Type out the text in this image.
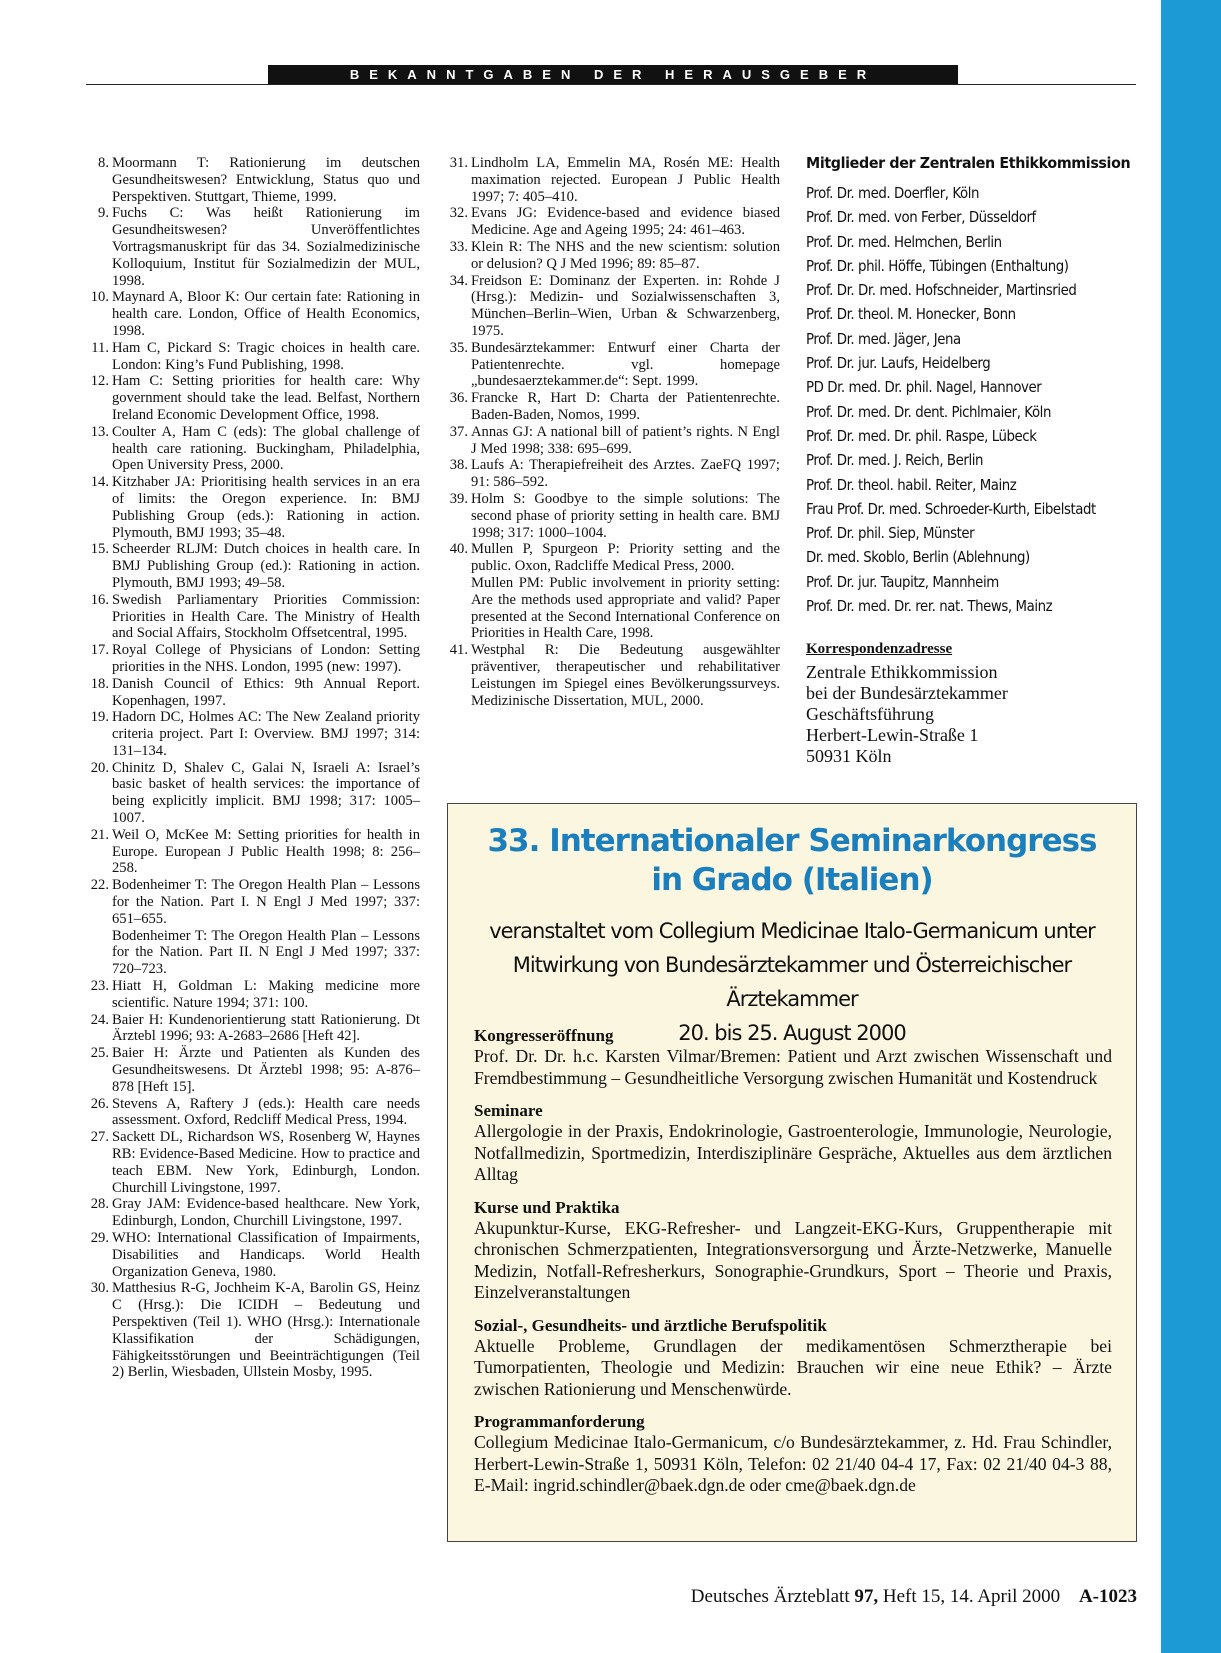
BEKANNTGABEN DER HERAUSGEBER
8. Moormann T: Rationierung im deutschen Gesundheitswesen? Entwicklung, Status quo und Perspektiven. Stuttgart, Thieme, 1999.
9. Fuchs C: Was heißt Rationierung im Gesundheitswesen? Unveröffentlichtes Vortragsmanuskript für das 34. Sozialmedizinische Kolloquium, Institut für Sozialmedizin der MUL, 1998.
10. Maynard A, Bloor K: Our certain fate: Rationing in health care. London, Office of Health Economics, 1998.
11. Ham C, Pickard S: Tragic choices in health care. London: King’s Fund Publishing, 1998.
12. Ham C: Setting priorities for health care: Why government should take the lead. Belfast, Northern Ireland Economic Development Office, 1998.
13. Coulter A, Ham C (eds): The global challenge of health care rationing. Buckingham, Philadelphia, Open University Press, 2000.
14. Kitzhaber JA: Prioritising health services in an era of limits: the Oregon experience. In: BMJ Publishing Group (eds.): Rationing in action. Plymouth, BMJ 1993; 35–48.
15. Scheerder RLJM: Dutch choices in health care. In BMJ Publishing Group (ed.): Rationing in action. Plymouth, BMJ 1993; 49–58.
16. Swedish Parliamentary Priorities Commission: Priorities in Health Care. The Ministry of Health and Social Affairs, Stockholm Offsetcentral, 1995.
17. Royal College of Physicians of London: Setting priorities in the NHS. London, 1995 (new: 1997).
18. Danish Council of Ethics: 9th Annual Report. Kopenhagen, 1997.
19. Hadorn DC, Holmes AC: The New Zealand priority criteria project. Part I: Overview. BMJ 1997; 314: 131–134.
20. Chinitz D, Shalev C, Galai N, Israeli A: Israel’s basic basket of health services: the importance of being explicitly implicit. BMJ 1998; 317: 1005–1007.
21. Weil O, McKee M: Setting priorities for health in Europe. European J Public Health 1998; 8: 256–258.
22. Bodenheimer T: The Oregon Health Plan – Lessons for the Nation. Part I. N Engl J Med 1997; 337: 651–655.
Bodenheimer T: The Oregon Health Plan – Lessons for the Nation. Part II. N Engl J Med 1997; 337: 720–723.
23. Hiatt H, Goldman L: Making medicine more scientific. Nature 1994; 371: 100.
24. Baier H: Kundenorientierung statt Rationierung. Dt Ärztebl 1996; 93: A-2683–2686 [Heft 42].
25. Baier H: Ärzte und Patienten als Kunden des Gesundheitswesens. Dt Ärztebl 1998; 95: A-876–878 [Heft 15].
26. Stevens A, Raftery J (eds.): Health care needs assessment. Oxford, Redcliff Medical Press, 1994.
27. Sackett DL, Richardson WS, Rosenberg W, Haynes RB: Evidence-Based Medicine. How to practice and teach EBM. New York, Edinburgh, London. Churchill Livingstone, 1997.
28. Gray JAM: Evidence-based healthcare. New York, Edinburgh, London, Churchill Livingstone, 1997.
29. WHO: International Classification of Impairments, Disabilities and Handicaps. World Health Organization Geneva, 1980.
30. Matthesius R-G, Jochheim K-A, Barolin GS, Heinz C (Hrsg.): Die ICIDH – Bedeutung und Perspektiven (Teil 1). WHO (Hrsg.): Internationale Klassifikation der Schädigungen, Fähigkeitsstörungen und Beeinträchtigungen (Teil 2) Berlin, Wiesbaden, Ullstein Mosby, 1995.
31. Lindholm LA, Emmelin MA, Rosén ME: Health maximation rejected. European J Public Health 1997; 7: 405–410.
32. Evans JG: Evidence-based and evidence biased Medicine. Age and Ageing 1995; 24: 461–463.
33. Klein R: The NHS and the new scientism: solution or delusion? Q J Med 1996; 89: 85–87.
34. Freidson E: Dominanz der Experten. in: Rohde J (Hrsg.): Medizin- und Sozialwissenschaften 3, München–Berlin–Wien, Urban & Schwarzenberg, 1975.
35. Bundesärztekammer: Entwurf einer Charta der Patientenrechte. vgl. homepage „bundesaerztekammer.de“: Sept. 1999.
36. Francke R, Hart D: Charta der Patientenrechte. Baden-Baden, Nomos, 1999.
37. Annas GJ: A national bill of patient’s rights. N Engl J Med 1998; 338: 695–699.
38. Laufs A: Therapiefreiheit des Arztes. ZaeFQ 1997; 91: 586–592.
39. Holm S: Goodbye to the simple solutions: The second phase of priority setting in health care. BMJ 1998; 317: 1000–1004.
40. Mullen P, Spurgeon P: Priority setting and the public. Oxon, Radcliffe Medical Press, 2000.
Mullen PM: Public involvement in priority setting: Are the methods used appropriate and valid? Paper presented at the Second International Conference on Priorities in Health Care, 1998.
41. Westphal R: Die Bedeutung ausgewählter präventiver, therapeutischer und rehabilitativer Leistungen im Spiegel eines Bevölkerungssurveys. Medizinische Dissertation, MUL, 2000.
Mitglieder der Zentralen Ethikkommission
Prof. Dr. med. Doerfler, Köln
Prof. Dr. med. von Ferber, Düsseldorf
Prof. Dr. med. Helmchen, Berlin
Prof. Dr. phil. Höffe, Tübingen (Enthaltung)
Prof. Dr. Dr. med. Hofschneider, Martinsried
Prof. Dr. theol. M. Honecker, Bonn
Prof. Dr. med. Jäger, Jena
Prof. Dr. jur. Laufs, Heidelberg
PD Dr. med. Dr. phil. Nagel, Hannover
Prof. Dr. med. Dr. dent. Pichlmaier, Köln
Prof. Dr. med. Dr. phil. Raspe, Lübeck
Prof. Dr. med. J. Reich, Berlin
Prof. Dr. theol. habil. Reiter, Mainz
Frau Prof. Dr. med. Schroeder-Kurth, Eibelstadt
Prof. Dr. phil. Siep, Münster
Dr. med. Skoblo, Berlin (Ablehnung)
Prof. Dr. jur. Taupitz, Mannheim
Prof. Dr. med. Dr. rer. nat. Thews, Mainz
Korrespondenzadresse
Zentrale Ethikkommission
bei der Bundesärztekammer
Geschäftsführung
Herbert-Lewin-Straße 1
50931 Köln
33. Internationaler Seminarkongress
in Grado (Italien)
veranstaltet vom Collegium Medicinae Italo-Germanicum unter
Mitwirkung von Bundesärztekammer und Österreichischer Ärztekammer
20. bis 25. August 2000
Kongresseröffnung

Prof. Dr. Dr. h.c. Karsten Vilmar/Bremen: Patient und Arzt zwischen Wissenschaft und Fremdbestimmung – Gesundheitliche Versorgung zwischen Humanität und Kostendruck

Seminare

Allergologie in der Praxis, Endokrinologie, Gastroenterologie, Immunologie, Neurologie, Notfallmedizin, Sportmedizin, Interdisziplinäre Gespräche, Aktuelles aus dem ärztlichen Alltag

Kurse und Praktika

Akupunktur-Kurse, EKG-Refresher- und Langzeit-EKG-Kurs, Gruppentherapie mit chronischen Schmerzpatienten, Integrationsversorgung und Ärzte-Netzwerke, Manuelle Medizin, Notfall-Refresherkurs, Sonographie-Grundkurs, Sport – Theorie und Praxis, Einzelveranstaltungen

Sozial-, Gesundheits- und ärztliche Berufspolitik

Aktuelle Probleme, Grundlagen der medikamentösen Schmerztherapie bei Tumorpatienten, Theologie und Medizin: Brauchen wir eine neue Ethik? – Ärzte zwischen Rationierung und Menschenwürde.

Programmanforderung

Collegium Medicinae Italo-Germanicum, c/o Bundesärztekammer, z. Hd. Frau Schindler, Herbert-Lewin-Straße 1, 50931 Köln, Telefon: 02 21/40 04-4 17, Fax: 02 21/40 04-3 88, E-Mail: ingrid.schindler@baek.dgn.de oder cme@baek.dgn.de

Deutsches Ärzteblatt 97, Heft 15, 14. April 2000 A-1023
